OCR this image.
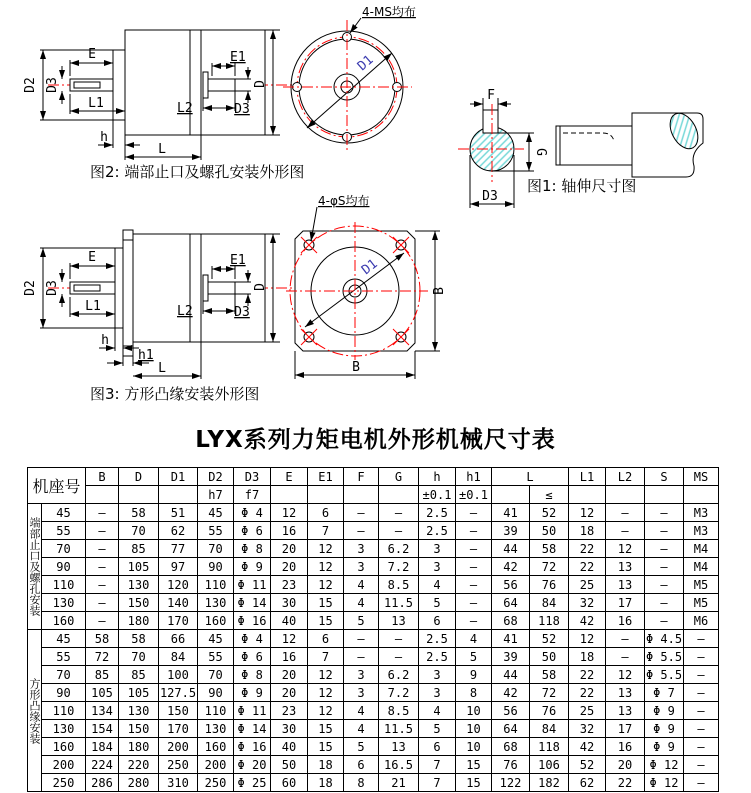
D2 D3
E
L1
h
L
E1
D3
L2
D
D1
4-MS均布
图2: 端部止口及螺孔安装外形图
F
G
D3
图1: 轴伸尺寸图
D2 D3
E
L1
h
h1
L
E1
D3
L2
D
D1
4-φS均布
B
B
图3: 方形凸缘安装外形图
LYX系列力矩电机外形机械尺寸表
机座号		B	D	D1	D2	D3	E	E1	F	G	h	h1	L		L1	L2	S	MS
					h7	f7					±0.1	±0.1		≤				
端部止口及螺孔安装	45	–	58	51	45	Φ 4	12	6	–	–	2.5	–	41	52	12	–	–	M3
	55	–	70	62	55	Φ 6	16	7	–	–	2.5	–	39	50	18	–	–	M3
	70	–	85	77	70	Φ 8	20	12	3	6.2	3	–	44	58	22	12	–	M4
	90	–	105	97	90	Φ 9	20	12	3	7.2	3	–	42	72	22	13	–	M4
	110	–	130	120	110	Φ 11	23	12	4	8.5	4	–	56	76	25	13	–	M5
	130	–	150	140	130	Φ 14	30	15	4	11.5	5	–	64	84	32	17	–	M5
	160	–	180	170	160	Φ 16	40	15	5	13	6	–	68	118	42	16	–	M6
方形凸缘安装	45	58	58	66	45	Φ 4	12	6	–	–	2.5	4	41	52	12	–	Φ 4.5	–
	55	72	70	84	55	Φ 6	16	7	–	–	2.5	5	39	50	18	–	Φ 5.5	–
	70	85	85	100	70	Φ 8	20	12	3	6.2	3	9	44	58	22	12	Φ 5.5	–
	90	105	105	127.5	90	Φ 9	20	12	3	7.2	3	8	42	72	22	13	Φ 7	–
	110	134	130	150	110	Φ 11	23	12	4	8.5	4	10	56	76	25	13	Φ 9	–
	130	154	150	170	130	Φ 14	30	15	4	11.5	5	10	64	84	32	17	Φ 9	–
	160	184	180	200	160	Φ 16	40	15	5	13	6	10	68	118	42	16	Φ 9	–
	200	224	220	250	200	Φ 20	50	18	6	16.5	7	15	76	106	52	20	Φ 12	–
	250	286	280	310	250	Φ 25	60	18	8	21	7	15	122	182	62	22	Φ 12	–
